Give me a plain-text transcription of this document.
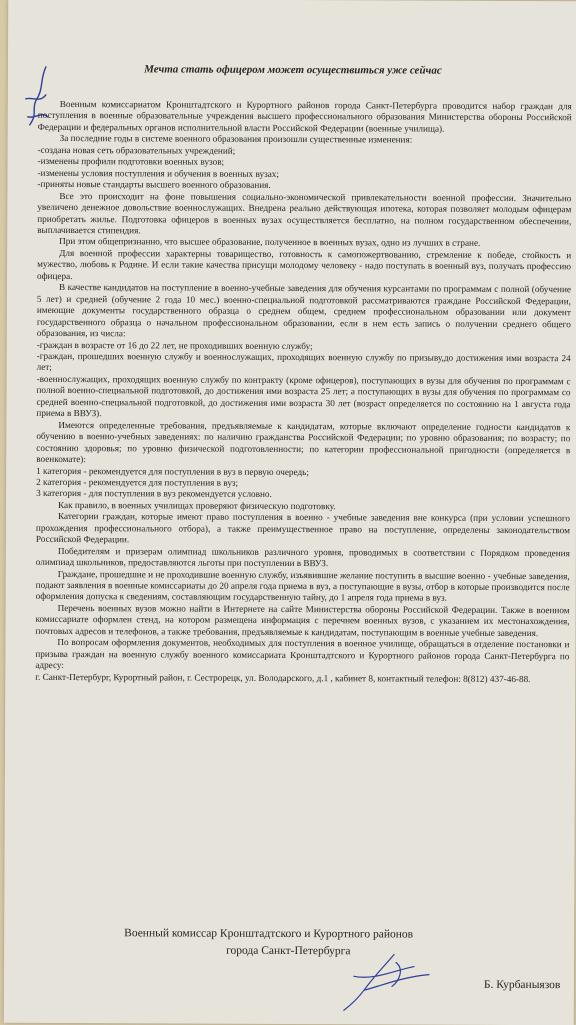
Мечта стать офицером может осуществиться уже сейчас

Военным комиссариатом Кронштадтского и Курортного районов города Санкт-Петербурга проводится набор граждан для поступления в военные образовательные учреждения высшего профессионального образования Министерства обороны Российской Федерации и федеральных органов исполнительной власти Российской Федерации (военные училища).

За последние годы в системе военного образования произошли существенные изменения:

-создана новая сеть образовательных учреждений;

-изменены профили подготовки военных вузов;

-изменены условия поступления и обучения в военных вузах;

-приняты новые стандарты высшего военного образования.

Все это происходит на фоне повышения социально-экономической привлекательности военной профессии. Значительно увеличено денежное довольствие военнослужащих. Внедрена реально действующая ипотека, которая позволяет молодым офицерам приобретать жилье. Подготовка офицеров в военных вузах осуществляется бесплатно, на полном государственном обеспечении, выплачивается стипендия.

При этом общепризнанно, что высшее образование, полученное в военных вузах, одно из лучших в стране.

Для военной профессии характерны товарищество, готовность к самопожертвованию, стремление к победе, стойкость и мужество, любовь к Родине. И если такие качества присущи молодому человеку - надо поступать в военный вуз, получать профессию офицера.

В качестве кандидатов на поступление в военно-учебные заведения для обучения курсантами по программам с полной (обучение 5 лет) и средней (обучение 2 года 10 мес.) военно-специальной подготовкой рассматриваются граждане Российской Федерации, имеющие документы государственного образца о среднем общем, среднем профессиональном образовании или документ государственного образца о начальном профессиональном образовании, если в нем есть запись о получении среднего общего образования, из числа:

-граждан в возрасте от 16 до 22 лет, не проходивших военную службу;

-граждан, прошедших военную службу и военнослужащих, проходящих военную службу по призыву,до достижения ими возраста 24 лет;

-военнослужащих, проходящих военную службу по контракту (кроме офицеров), поступающих в вузы для обучения по программам с полной военно-специальной подготовкой, до достижения ими возраста 25 лет; а поступающих в вузы для обучения по программам со средней военно-специальной подготовкой, до достижения ими возраста 30 лет (возраст определяется по состоянию на 1 августа года приема в ВВУЗ).

Имеются определенные требования, предъявляемые к кандидатам, которые включают определение годности кандидатов к обучению в военно-учебных заведениях: по наличию гражданства Российской Федерации; по уровню образования; по возрасту; по состоянию здоровья; по уровню физической подготовленности; по категории профессиональной пригодности (определяется в военкомате):

1 категория - рекомендуется для поступления в вуз в первую очередь;

2 категория - рекомендуется для поступления в вуз;

3 категория - для поступления в вуз рекомендуется условно.

Как правило, в военных училищах проверяют физическую подготовку.

Категории граждан, которые имеют право поступления в военно - учебные заведения вне конкурса (при условии успешного прохождения профессионального отбора), а также преимущественное право на поступление, определены законодательством Российской Федерации.

Победителям и призерам олимпиад школьников различного уровня, проводимых в соответствии с Порядком проведения олимпиад школьников, предоставляются льготы при поступлении в ВВУЗ.

Граждане, прошедшие и не проходившие военную службу, изъявившие желание поступить в высшие военно - учебные заведения, подают заявления в военные комиссариаты до 20 апреля года приема в вуз, а поступающие в вузы, отбор в которые производится после оформления допуска к сведениям, составляющим государственную тайну, до 1 апреля года приема в вуз.

Перечень военных вузов можно найти в Интернете на сайте Министерства обороны Российской Федерации. Также в военном комиссариате оформлен стенд, на котором размещена информация с перечнем военных вузов, с указанием их местонахождения, почтовых адресов и телефонов, а также требования, предъявляемые к кандидатам, поступающим в военные учебные заведения.

По вопросам оформления документов, необходимых для поступления в военное училище, обращаться в отделение постановки и призыва граждан на военную службу военного комиссариата Кронштадтского и Курортного районов города Санкт-Петербурга по адресу:

г. Санкт-Петербург, Курортный район, г. Сестрорецк, ул. Володарского, д.1 , кабинет 8, контактный телефон: 8(812) 437-46-88.

Военный комиссар Кронштадтского и Курортного районов
города Санкт-Петербурга
Б. Курбаныязов
